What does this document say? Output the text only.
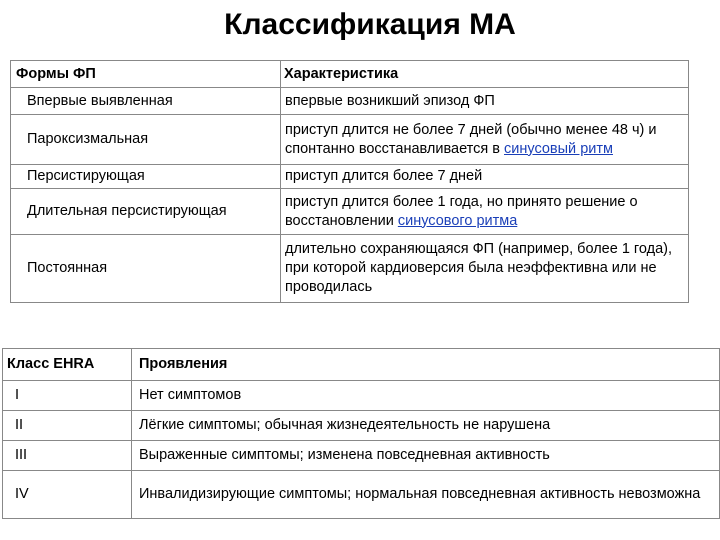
Классификация МА
Формы ФП	Характеристика
Впервые выявленная	впервые возникший эпизод ФП
Пароксизмальная	приступ длится не более 7 дней (обычно менее 48 ч) и спонтанно восстанавливается в синусовый ритм
Персистирующая	приступ длится более 7 дней
Длительная персистирующая	приступ длится более 1 года, но принято решение о восстановлении синусового ритма
Постоянная	длительно сохраняющаяся ФП (например, более 1 года), при которой кардиоверсия была неэффективна или не проводилась
Класс EHRA	Проявления
I	Нет симптомов
II	Лёгкие симптомы; обычная жизнедеятельность не нарушена
III	Выраженные симптомы; изменена повседневная активность
IV	Инвалидизирующие симптомы; нормальная повседневная активность невозможна
